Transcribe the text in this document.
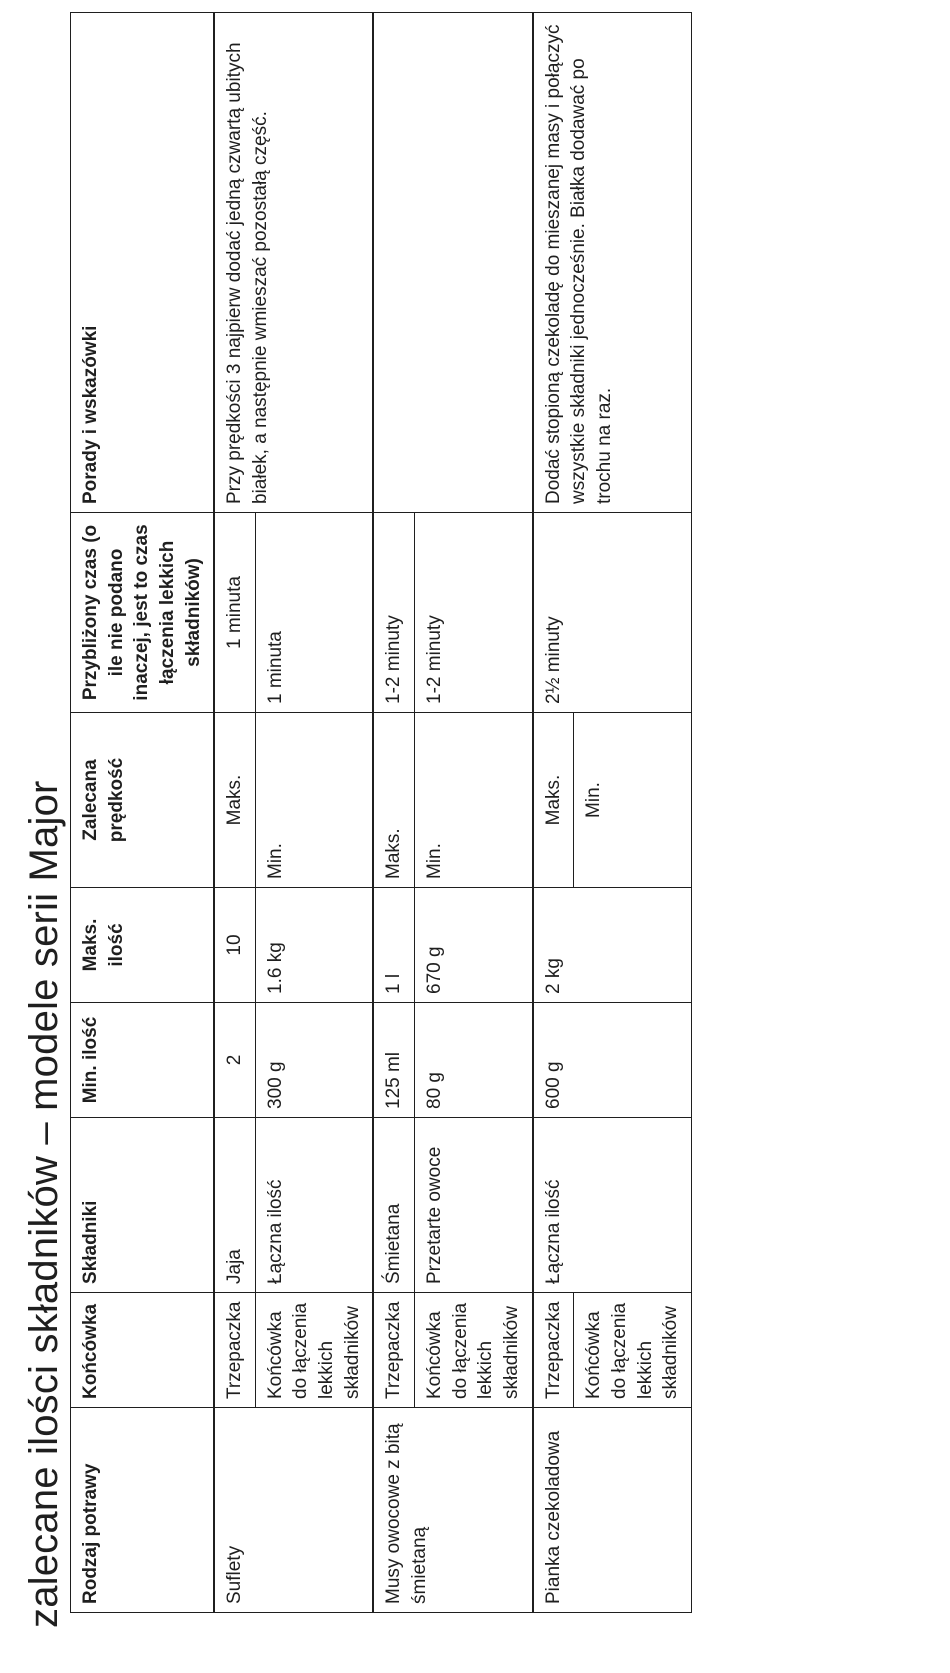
zalecane ilości składników – modele serii Major Rodzaj potrawy	Końcówka	Składniki	Min. ilość	Maks. ilość	Zalecana prędkość	Przybliżony czas (o ile nie podano inaczej, jest to czas łączenia lekkich składników)	Porady i wskazówki
Sufle​ty	Trzepaczka	Jaja	2	10	Maks.	1 minuta	Przy prędkości 3 najpierw dodać jedną czwartą ubitych białek, a następnie wmieszać pozostałą część.
	Końcówka do łączenia lekkich składników	Łączna ilość	300 g	1.6 kg	Min.	1 minuta	
Musy owocowe z bitą śmietaną	Trzepaczka	Śmietana	125 ml	1 l	Maks.	1-2 minuty	
	Końcówka do łączenia lekkich składników	Przetarte owoce	80 g	670 g	Min.	1-2 minuty	
Pianka czekoladowa	Trzepaczka	Łączna ilość	600 g	2 kg	Maks.	2½ minuty	Dodać stopioną czekoladę do mieszanej masy i połączyć wszystkie składniki jednocześnie. Białka dodawać po trochu na raz.
	Końcówka do łączenia lekkich składników				Min.		
